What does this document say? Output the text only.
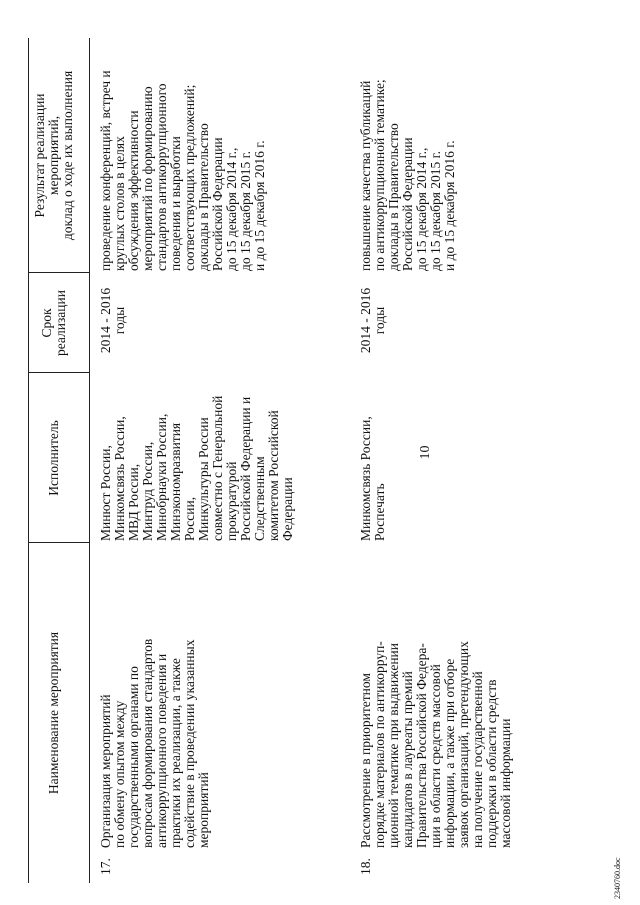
10
Наименование мероприятия
Исполнитель
Срок
реализации
Результат реализации
мероприятий,
доклад о ходе их выполнения
17.
Организация мероприятий
по обмену опытом между
государственными органами по
вопросам формирования стандартов
антикоррупционного поведения и
практики их реализации, а также
содействие в проведении указанных
мероприятий
Минюст России,
Минкомсвязь России,
МВД России,
Минтруд России,
Минобрнауки России,
Минэкономразвития
России,
Минкультуры России
совместно с Генеральной
прокуратурой
Российской Федерации и
Следственным
комитетом Российской
Федерации
2014 - 2016
годы
проведение конференций, встреч и
круглых столов в целях
обсуждения эффективности
мероприятий по формированию
стандартов антикоррупционного
поведения и выработки
соответствующих предложений;
доклады в Правительство
Российской Федерации
до 15 декабря 2014 г.,
до 15 декабря 2015 г.
и до 15 декабря 2016 г.
18.
Рассмотрение в приоритетном
порядке материалов по антикорруп-
ционной тематике при выдвижении
кандидатов в лауреаты премий
Правительства Российской Федера-
ции в области средств массовой
информации, а также при отборе
заявок организаций, претендующих
на получение государственной
поддержки в области средств
массовой информации
Минкомсвязь России,
Роспечать
2014 - 2016
годы
повышение качества публикаций
по антикоррупционной тематике;
доклады в Правительство
Российской Федерации
до 15 декабря 2014 г.,
до 15 декабря 2015 г.
и до 15 декабря 2016 г.
2340760.doc
